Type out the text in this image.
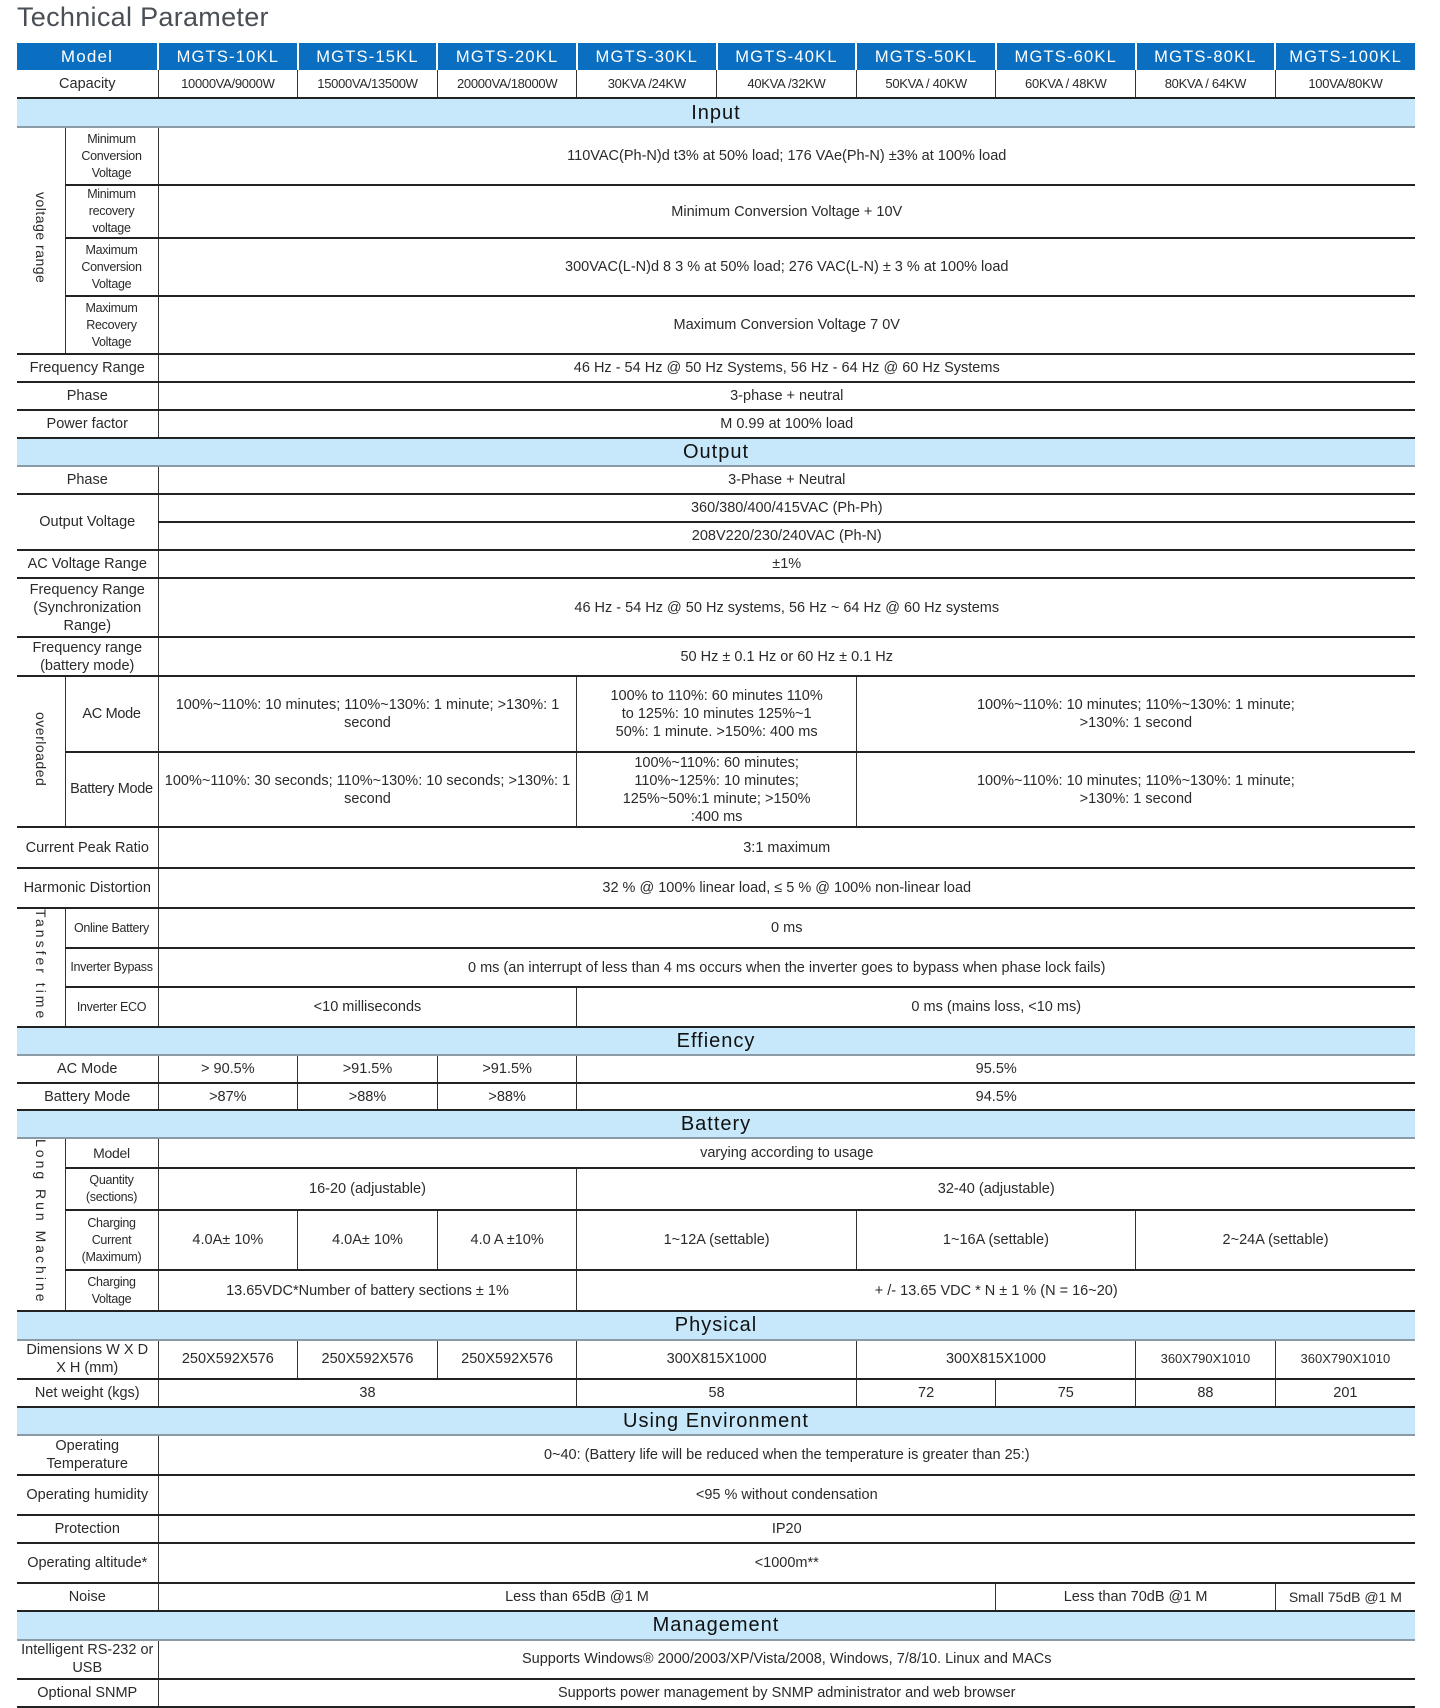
Technical Parameter
Model		MGTS-10KL	MGTS-15KL	MGTS-20KL	MGTS-30KL	MGTS-40KL	MGTS-50KL	MGTS-60KL	MGTS-80KL	MGTS-100KL
Capacity		10000VA/9000W	15000VA/13500W	20000VA/18000W	30KVA /24KW	40KVA /32KW	50KVA / 40KW	60KVA / 48KW	80KVA / 64KW	100VA/80KW
Input										
voltage range	Minimum Conversion Voltage	110VAC(Ph-N)d t3% at 50% load; 176 VAe(Ph-N) ±3% at 100% load								
	Minimum recovery voltage	Minimum Conversion Voltage + 10V								
	Maximum Conversion Voltage	300VAC(L-N)d 8 3 % at 50% load; 276 VAC(L-N) ± 3 % at 100% load								
	Maximum Recovery Voltage	Maximum Conversion Voltage 7 0V								
Frequency Range		46 Hz - 54 Hz @ 50 Hz Systems, 56 Hz - 64 Hz @ 60 Hz Systems								
Phase		3-phase + neutral								
Power factor		M 0.99 at 100% load								
Output										
Phase		3-Phase + Neutral								
Output Voltage		360/380/400/415VAC (Ph-Ph)								
		208V220/230/240VAC (Ph-N)								
AC Voltage Range		±1%								
Frequency Range (Synchronization Range)		46 Hz - 54 Hz @ 50 Hz systems, 56 Hz ~ 64 Hz @ 60 Hz systems								
Frequency range (battery mode)		50 Hz ± 0.1 Hz or 60 Hz ± 0.1 Hz								
overloaded	AC Mode	100%~110%: 10 minutes; 110%~130%: 1 minute; >130%: 1 second			100% to 110%: 60 minutes 110% to 125%: 10 minutes 125%~1 50%: 1 minute. >150%: 400 ms		100%~110%: 10 minutes; 110%~130%: 1 minute; >130%: 1 second			
	Battery Mode	100%~110%: 30 seconds; 110%~130%: 10 seconds; >130%: 1 second			100%~110%: 60 minutes; 110%~125%: 10 minutes; 125%~50%:1 minute; >150% :400 ms		100%~110%: 10 minutes; 110%~130%: 1 minute; >130%: 1 second			
Current Peak Ratio		3:1 maximum								
Harmonic Distortion		32 % @ 100% linear load, ≤ 5 % @ 100% non-linear load								
Tansfer time	Online Battery	0 ms								
	Inverter Bypass	0 ms (an interrupt of less than 4 ms occurs when the inverter goes to bypass when phase lock fails)								
	Inverter ECO	<10 milliseconds			0 ms (mains loss, <10 ms)					
Effiency										
AC Mode		> 90.5%	>91.5%	>91.5%	95.5%					
Battery Mode		>87%	>88%	>88%	94.5%					
Battery										
Long Run Machine	Model	varying according to usage								
	Quantity (sections)	16-20 (adjustable)			32-40 (adjustable)					
	Charging Current (Maximum)	4.0A± 10%	4.0A± 10%	4.0 A ±10%	1~12A (settable)		1~16A (settable)		2~24A (settable)	
	Charging Voltage	13.65VDC*Number of battery sections ± 1%			+ /- 13.65 VDC * N ± 1 % (N = 16~20)					
Physical										
Dimensions W X D X H (mm)		250X592X576	250X592X576	250X592X576	300X815X1000		300X815X1000		360X790X1010	360X790X1010
Net weight (kgs)		38			58		72	75	88	201
Using Environment										
Operating Temperature		0~40: (Battery life will be reduced when the temperature is greater than 25:)								
Operating humidity		<95 % without condensation								
Protection		IP20								
Operating altitude*		<1000m**								
Noise		Less than 65dB @1 M						Less than 70dB @1 M		Small 75dB @1 M
Management										
Intelligent RS-232 or USB		Supports Windows® 2000/2003/XP/Vista/2008, Windows, 7/8/10. Linux and MACs								
Optional SNMP		Supports power management by SNMP administrator and web browser								
